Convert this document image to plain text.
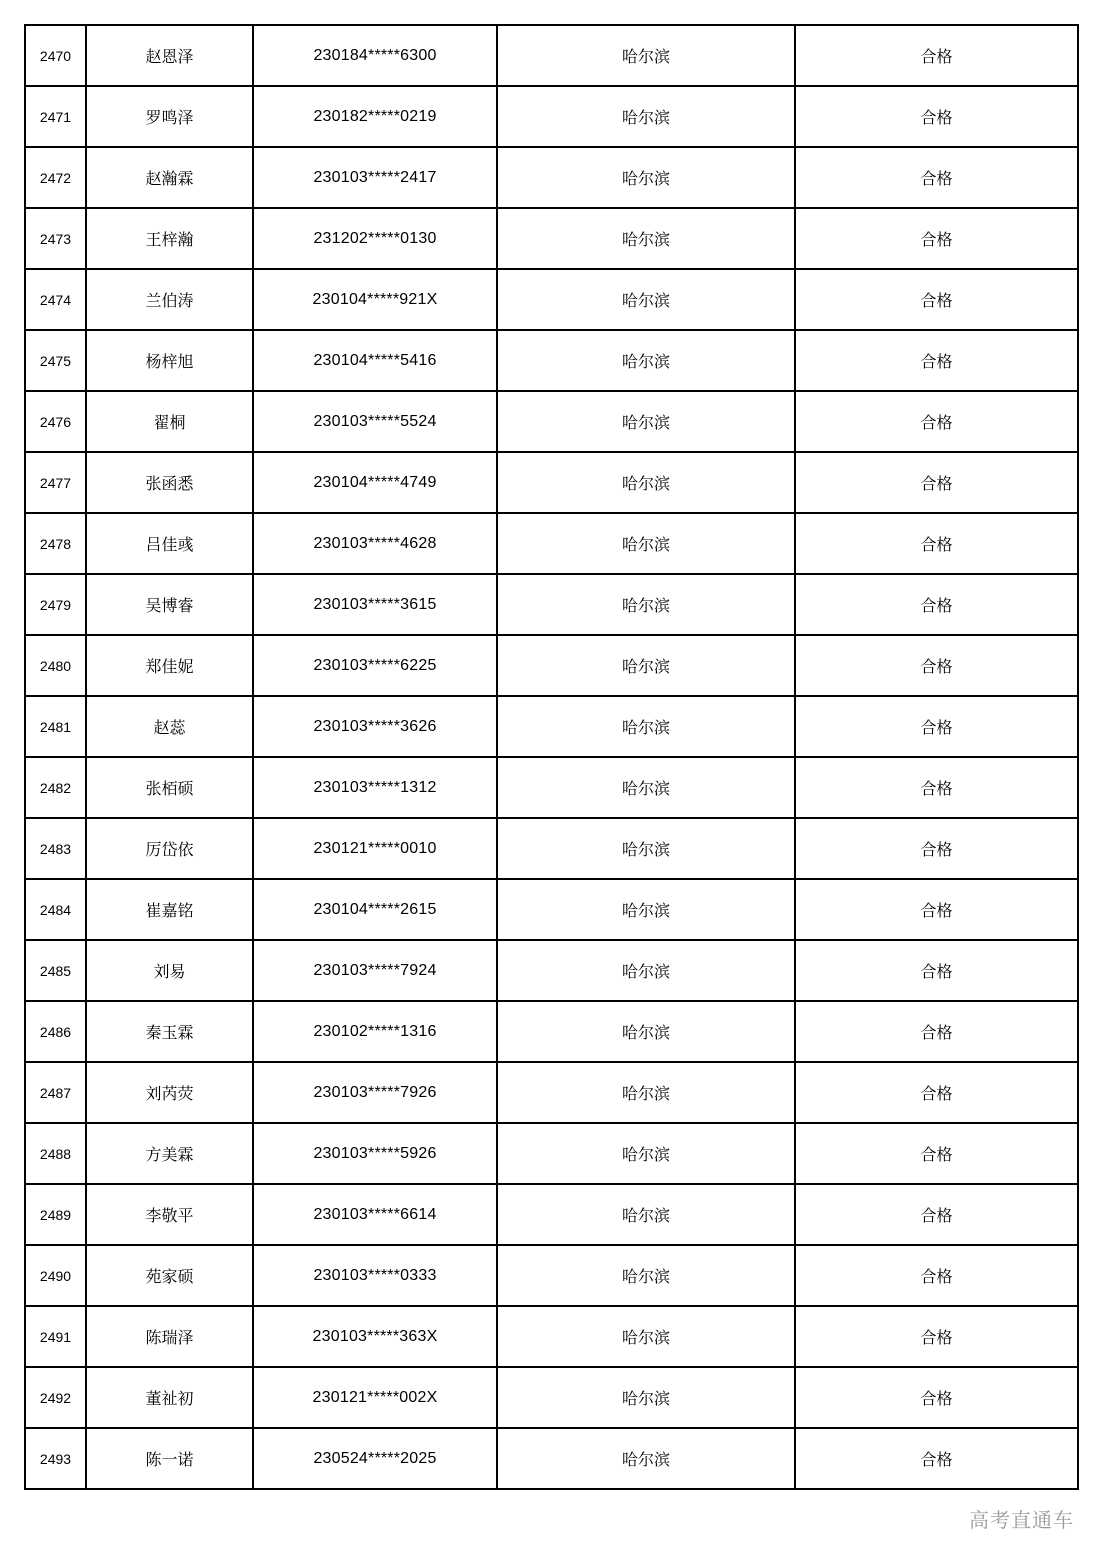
2470	赵恩泽	230184*****6300	哈尔滨	合格
2471	罗鸣泽	230182*****0219	哈尔滨	合格
2472	赵瀚霖	230103*****2417	哈尔滨	合格
2473	王梓瀚	231202*****0130	哈尔滨	合格
2474	兰伯涛	230104*****921X	哈尔滨	合格
2475	杨梓旭	230104*****5416	哈尔滨	合格
2476	翟桐	230103*****5524	哈尔滨	合格
2477	张函悉	230104*****4749	哈尔滨	合格
2478	吕佳彧	230103*****4628	哈尔滨	合格
2479	吴博睿	230103*****3615	哈尔滨	合格
2480	郑佳妮	230103*****6225	哈尔滨	合格
2481	赵蕊	230103*****3626	哈尔滨	合格
2482	张栢硕	230103*****1312	哈尔滨	合格
2483	厉岱依	230121*****0010	哈尔滨	合格
2484	崔嘉铭	230104*****2615	哈尔滨	合格
2485	刘易	230103*****7924	哈尔滨	合格
2486	秦玉霖	230102*****1316	哈尔滨	合格
2487	刘芮荧	230103*****7926	哈尔滨	合格
2488	方美霖	230103*****5926	哈尔滨	合格
2489	李敬平	230103*****6614	哈尔滨	合格
2490	苑家硕	230103*****0333	哈尔滨	合格
2491	陈瑞泽	230103*****363X	哈尔滨	合格
2492	董祉初	230121*****002X	哈尔滨	合格
2493	陈一诺	230524*****2025	哈尔滨	合格
高考直通车
